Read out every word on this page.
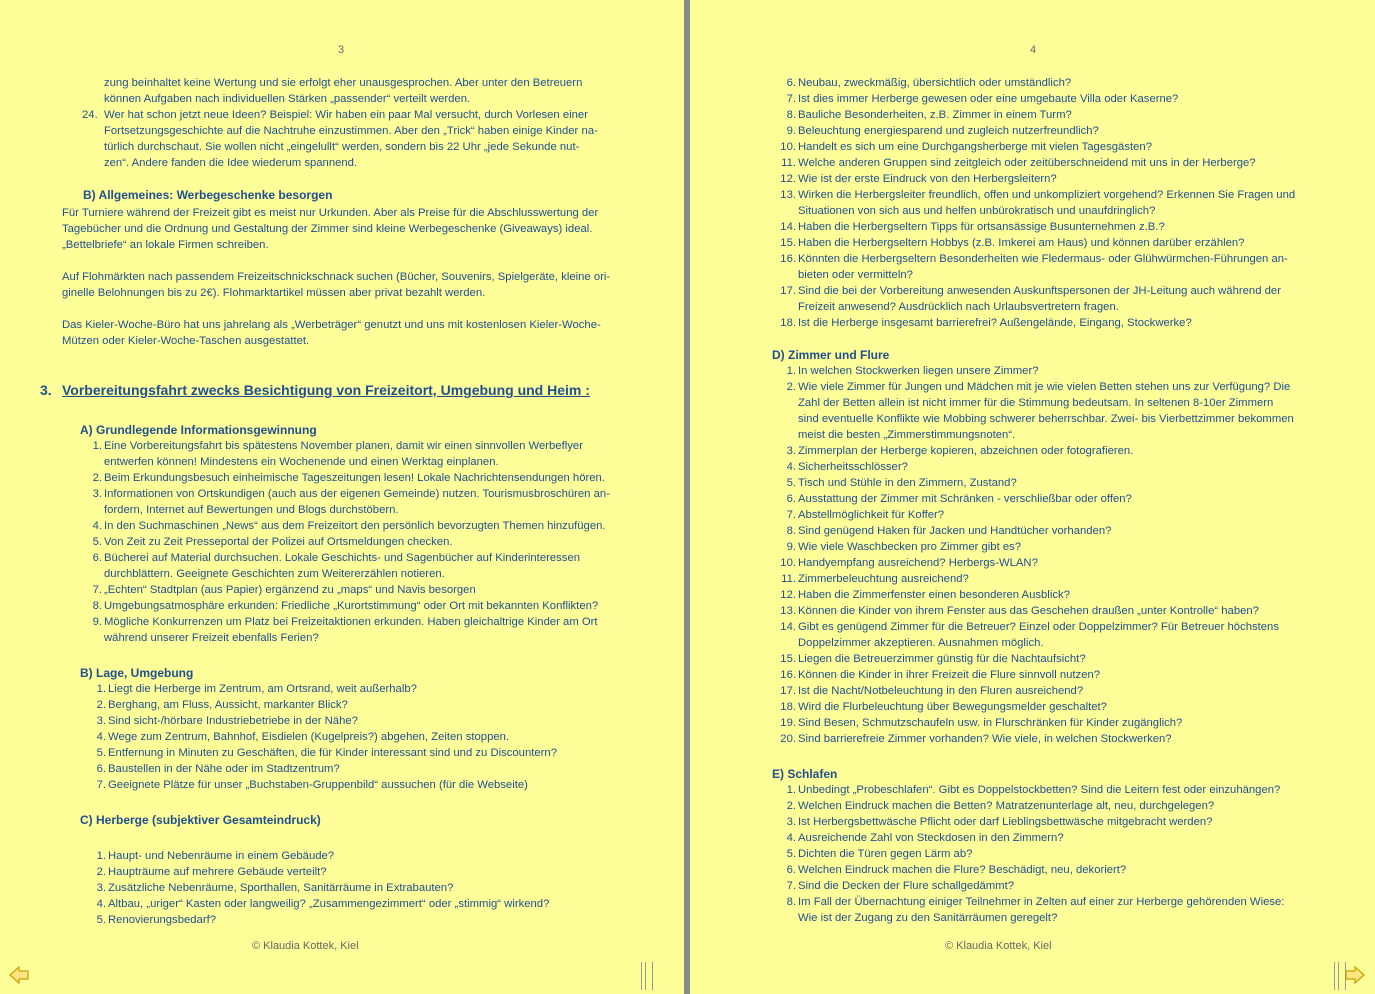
3
zung beinhaltet keine Wertung und sie erfolgt eher unausgesprochen. Aber unter den Betreuern
können Aufgaben nach individuellen Stärken „passender“ verteilt werden.
24. Wer hat schon jetzt neue Ideen? Beispiel: Wir haben ein paar Mal versucht, durch Vorlesen einer
Fortsetzungsgeschichte auf die Nachtruhe einzustimmen. Aber den „Trick“ haben einige Kinder na-
türlich durchschaut. Sie wollen nicht „eingelullt“ werden, sondern bis 22 Uhr „jede Sekunde nut-
zen“. Andere fanden die Idee wiederum spannend.
B) Allgemeines: Werbegeschenke besorgen
Für Turniere während der Freizeit gibt es meist nur Urkunden. Aber als Preise für die Abschlusswertung der
Tagebücher und die Ordnung und Gestaltung der Zimmer sind kleine Werbegeschenke (Giveaways) ideal.
„Bettelbriefe“ an lokale Firmen schreiben.
Auf Flohmärkten nach passendem Freizeitschnickschnack suchen (Bücher, Souvenirs, Spielgeräte, kleine ori-
ginelle Belohnungen bis zu 2€). Flohmarktartikel müssen aber privat bezahlt werden.
Das Kieler-Woche-Büro hat uns jahrelang als „Werbeträger“ genutzt und uns mit kostenlosen Kieler-Woche-
Mützen oder Kieler-Woche-Taschen ausgestattet.
3. Vorbereitungsfahrt zwecks Besichtigung von Freizeitort, Umgebung und Heim :
A) Grundlegende Informationsgewinnung
1. Eine Vorbereitungsfahrt bis spätestens November planen, damit wir einen sinnvollen Werbeflyer
entwerfen können! Mindestens ein Wochenende und einen Werktag einplanen.
2. Beim Erkundungsbesuch einheimische Tageszeitungen lesen! Lokale Nachrichtensendungen hören.
3. Informationen von Ortskundigen (auch aus der eigenen Gemeinde) nutzen. Tourismusbroschüren an-
fordern, Internet auf Bewertungen und Blogs durchstöbern.
4. In den Suchmaschinen „News“ aus dem Freizeitort den persönlich bevorzugten Themen hinzufügen.
5. Von Zeit zu Zeit Presseportal der Polizei auf Ortsmeldungen checken.
6. Bücherei auf Material durchsuchen. Lokale Geschichts- und Sagenbücher auf Kinderinteressen
durchblättern. Geeignete Geschichten zum Weitererzählen notieren.
7. „Echten“ Stadtplan (aus Papier) ergänzend zu „maps“ und Navis besorgen
8. Umgebungsatmosphäre erkunden: Friedliche „Kurortstimmung“ oder Ort mit bekannten Konflikten?
9. Mögliche Konkurrenzen um Platz bei Freizeitaktionen erkunden. Haben gleichaltrige Kinder am Ort
während unserer Freizeit ebenfalls Ferien?
B) Lage, Umgebung
1. Liegt die Herberge im Zentrum, am Ortsrand, weit außerhalb?
2. Berghang, am Fluss, Aussicht, markanter Blick?
3. Sind sicht-/hörbare Industriebetriebe in der Nähe?
4. Wege zum Zentrum, Bahnhof, Eisdielen (Kugelpreis?) abgehen, Zeiten stoppen.
5. Entfernung in Minuten zu Geschäften, die für Kinder interessant sind und zu Discountern?
6. Baustellen in der Nähe oder im Stadtzentrum?
7. Geeignete Plätze für unser „Buchstaben-Gruppenbild“ aussuchen (für die Webseite)
C) Herberge (subjektiver Gesamteindruck)
1. Haupt- und Nebenräume in einem Gebäude?
2. Haupträume auf mehrere Gebäude verteilt?
3. Zusätzliche Nebenräume, Sporthallen, Sanitärräume in Extrabauten?
4. Altbau, „uriger“ Kasten oder langweilig? „Zusammengezimmert“ oder „stimmig“ wirkend?
5. Renovierungsbedarf?
© Klaudia Kottek, Kiel
4
6. Neubau, zweckmäßig, übersichtlich oder umständlich?
7. Ist dies immer Herberge gewesen oder eine umgebaute Villa oder Kaserne?
8. Bauliche Besonderheiten, z.B. Zimmer in einem Turm?
9. Beleuchtung energiesparend und zugleich nutzerfreundlich?
10. Handelt es sich um eine Durchgangsherberge mit vielen Tagesgästen?
11. Welche anderen Gruppen sind zeitgleich oder zeitüberschneidend mit uns in der Herberge?
12. Wie ist der erste Eindruck von den Herbergsleitern?
13. Wirken die Herbergsleiter freundlich, offen und unkompliziert vorgehend? Erkennen Sie Fragen und
Situationen von sich aus und helfen unbürokratisch und unaufdringlich?
14. Haben die Herbergseltern Tipps für ortsansässige Busunternehmen z.B.?
15. Haben die Herbergseltern Hobbys (z.B. Imkerei am Haus) und können darüber erzählen?
16. Könnten die Herbergseltern Besonderheiten wie Fledermaus- oder Glühwürmchen-Führungen an-
bieten oder vermitteln?
17. Sind die bei der Vorbereitung anwesenden Auskunftspersonen der JH-Leitung auch während der
Freizeit anwesend? Ausdrücklich nach Urlaubsvertretern fragen.
18. Ist die Herberge insgesamt barrierefrei? Außengelände, Eingang, Stockwerke?
D) Zimmer und Flure
1. In welchen Stockwerken liegen unsere Zimmer?
2. Wie viele Zimmer für Jungen und Mädchen mit je wie vielen Betten stehen uns zur Verfügung? Die
Zahl der Betten allein ist nicht immer für die Stimmung bedeutsam. In seltenen 8-10er Zimmern
sind eventuelle Konflikte wie Mobbing schwerer beherrschbar. Zwei- bis Vierbettzimmer bekommen
meist die besten „Zimmerstimmungsnoten“.
3. Zimmerplan der Herberge kopieren, abzeichnen oder fotografieren.
4. Sicherheitsschlösser?
5. Tisch und Stühle in den Zimmern, Zustand?
6. Ausstattung der Zimmer mit Schränken - verschließbar oder offen?
7. Abstellmöglichkeit für Koffer?
8. Sind genügend Haken für Jacken und Handtücher vorhanden?
9. Wie viele Waschbecken pro Zimmer gibt es?
10. Handyempfang ausreichend? Herbergs-WLAN?
11. Zimmerbeleuchtung ausreichend?
12. Haben die Zimmerfenster einen besonderen Ausblick?
13. Können die Kinder von ihrem Fenster aus das Geschehen draußen „unter Kontrolle“ haben?
14. Gibt es genügend Zimmer für die Betreuer? Einzel oder Doppelzimmer? Für Betreuer höchstens
Doppelzimmer akzeptieren. Ausnahmen möglich.
15. Liegen die Betreuerzimmer günstig für die Nachtaufsicht?
16. Können die Kinder in ihrer Freizeit die Flure sinnvoll nutzen?
17. Ist die Nacht/Notbeleuchtung in den Fluren ausreichend?
18. Wird die Flurbeleuchtung über Bewegungsmelder geschaltet?
19. Sind Besen, Schmutzschaufeln usw. in Flurschränken für Kinder zugänglich?
20. Sind barrierefreie Zimmer vorhanden? Wie viele, in welchen Stockwerken?
E) Schlafen
1. Unbedingt „Probeschlafen“. Gibt es Doppelstockbetten? Sind die Leitern fest oder einzuhängen?
2. Welchen Eindruck machen die Betten? Matratzenunterlage alt, neu, durchgelegen?
3. Ist Herbergsbettwäsche Pflicht oder darf Lieblingsbettwäsche mitgebracht werden?
4. Ausreichende Zahl von Steckdosen in den Zimmern?
5. Dichten die Türen gegen Lärm ab?
6. Welchen Eindruck machen die Flure? Beschädigt, neu, dekoriert?
7. Sind die Decken der Flure schallgedämmt?
8. Im Fall der Übernachtung einiger Teilnehmer in Zelten auf einer zur Herberge gehörenden Wiese:
Wie ist der Zugang zu den Sanitärräumen geregelt?
© Klaudia Kottek, Kiel
